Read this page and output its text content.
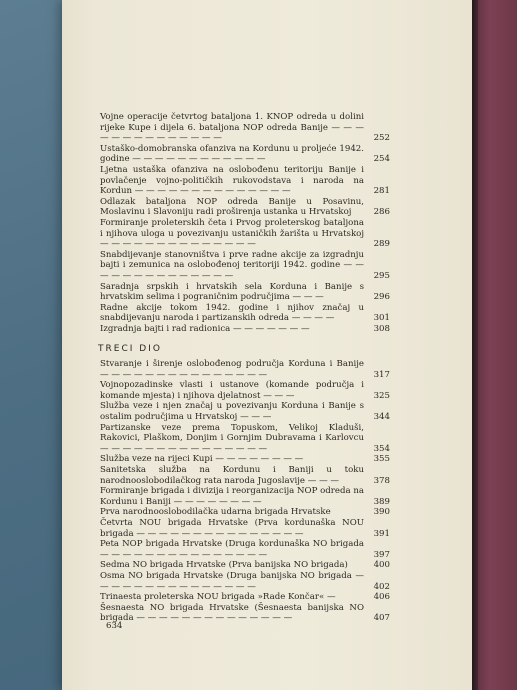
Vojne operacije četvrtog bataljona 1. KNOP odreda u dolini rijeke Kupe i dijela 6. bataljona NOP odreda Banije — — — — — — — — — — — — — —	252
Ustaško-domobranska ofanziva na Kordunu u proljeće 1942. godine — — — — — — — — — — — —	254
Ljetna ustaška ofanziva na oslobođenu teritoriju Banije i povlačenje vojno-političkih rukovodstava i naroda na Kordun — — — — — — — — — — — — — —	281
Odlazak bataljona NOP odreda Banije u Posavinu, Moslavinu i Slavoniju radi proširenja ustanka u Hrvatskoj	286
Formiranje proleterskih četa i Prvog proleterskog bataljona i njihova uloga u povezivanju ustaničkih žarišta u Hrvatskoj — — — — — — — — — — — — — —	289
Snabdijevanje stanovništva i prve radne akcije za izgradnju bajti i zemunica na oslobođenoj teritoriji 1942. godine — — — — — — — — — — — — — —	295
Saradnja srpskih i hrvatskih sela Korduna i Banije s hrvatskim selima i pograničnim područjima — — —	296
Radne akcije tokom 1942. godine i njihov značaj u snabdijevanju naroda i partizanskih odreda — — — —	301
Izgradnja bajti i rad radionica — — — — — — —	308
TRECI DIO
Stvaranje i širenje oslobođenog područja Korduna i Banije — — — — — — — — — — — — — — —	317
Vojnopozadinske vlasti i ustanove (komande područja i komande mjesta) i njihova djelatnost — — —	325
Služba veze i njen značaj u povezivanju Korduna i Banije s ostalim područjima u Hrvatskoj — — —	344
Partizanske veze prema Topuskom, Velikoj Kladuši, Rakovici, Plaškom, Donjim i Gornjim Dubravama i Karlovcu — — — — — — — — — — — — — — —	354
Služba veze na rijeci Kupi — — — — — — — —	355
Sanitetska služba na Kordunu i Baniji u toku narodnooslobodilačkog rata naroda Jugoslavije — — —	378
Formiranje brigada i divizija i reorganizacija NOP odreda na Kordunu i Baniji — — — — — — — —	389
Prva narodnooslobodilačka udarna brigada Hrvatske	390
Četvrta NOU brigada Hrvatske (Prva kordunaška NOU brigada — — — — — — — — — — — — — — —	391
Peta NOP brigada Hrvatske (Druga kordunaška NO brigada — — — — — — — — — — — — — — —	397
Sedma NO brigada Hrvatske (Prva banijska NO brigada)	400
Osma NO brigada Hrvatske (Druga banijska NO brigada — — — — — — — — — — — — — — —	402
Trinaesta proleterska NOU brigada »Rade Končar« —	406
Šesnaesta NO brigada Hrvatske (Šesnaesta banijska NO brigada — — — — — — — — — — — — — —	407
634
